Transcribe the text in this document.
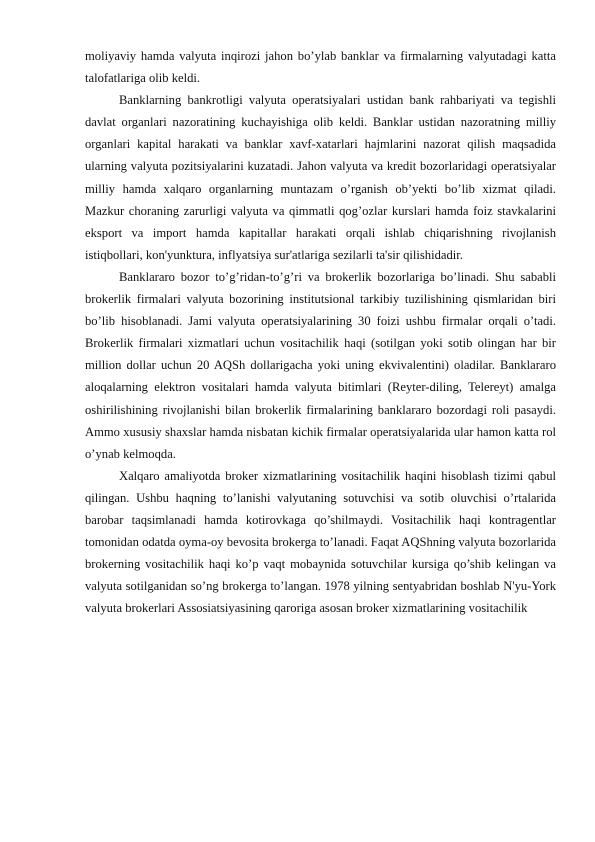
moliyaviy hamda valyuta inqirozi jahon bo’ylab banklar va firmalarning valyutadagi katta talofatlariga olib keldi.

Banklarning bankrotligi valyuta operatsiyalari ustidan bank rahbariyati va tegishli davlat organlari nazoratining kuchayishiga olib keldi. Banklar ustidan nazoratning milliy organlari kapital harakati va banklar xavf-xatarlari hajmlarini nazorat qilish maqsadida ularning valyuta pozitsiyalarini kuzatadi. Jahon valyuta va kredit bozorlaridagi operatsiyalar milliy hamda xalqaro organlarning muntazam o’rganish ob’yekti bo’lib xizmat qiladi. Mazkur choraning zarurligi valyuta va qimmatli qog’ozlar kurslari hamda foiz stavkalarini eksport va import hamda kapitallar harakati orqali ishlab chiqarishning rivojlanish istiqbollari, kon'yunktura, inflyatsiya sur'atlariga sezilarli ta'sir qilishidadir.

Banklararo bozor to’g’ridan-to’g’ri va brokerlik bozorlariga bo’linadi. Shu sababli brokerlik firmalari valyuta bozorining institutsional tarkibiy tuzilishining qismlaridan biri bo’lib hisoblanadi. Jami valyuta operatsiyalarining 30 foizi ushbu firmalar orqali o’tadi. Brokerlik firmalari xizmatlari uchun vositachilik haqi (sotilgan yoki sotib olingan har bir million dollar uchun 20 AQSh dollarigacha yoki uning ekvivalentini) oladilar. Banklararo aloqalarning elektron vositalari hamda valyuta bitimlari (Reyter-diling, Telereyt) amalga oshirilishining rivojlanishi bilan brokerlik firmalarining banklararo bozordagi roli pasaydi. Ammo xususiy shaxslar hamda nisbatan kichik firmalar operatsiyalarida ular hamon katta rol o’ynab kelmoqda.

Xalqaro amaliyotda broker xizmatlarining vositachilik haqini hisoblash tizimi qabul qilingan. Ushbu haqning to’lanishi valyutaning sotuvchisi va sotib oluvchisi o’rtalarida barobar taqsimlanadi hamda kotirovkaga qo’shilmaydi. Vositachilik haqi kontragentlar tomonidan odatda oyma-oy bevosita brokerga to’lanadi. Faqat AQShning valyuta bozorlarida brokerning vositachilik haqi ko’p vaqt mobaynida sotuvchilar kursiga qo’shib kelingan va valyuta sotilganidan so’ng brokerga to’langan. 1978 yilning sentyabridan boshlab N'yu-York valyuta brokerlari Assosiatsiyasining qaroriga asosan broker xizmatlarining vositachilik
